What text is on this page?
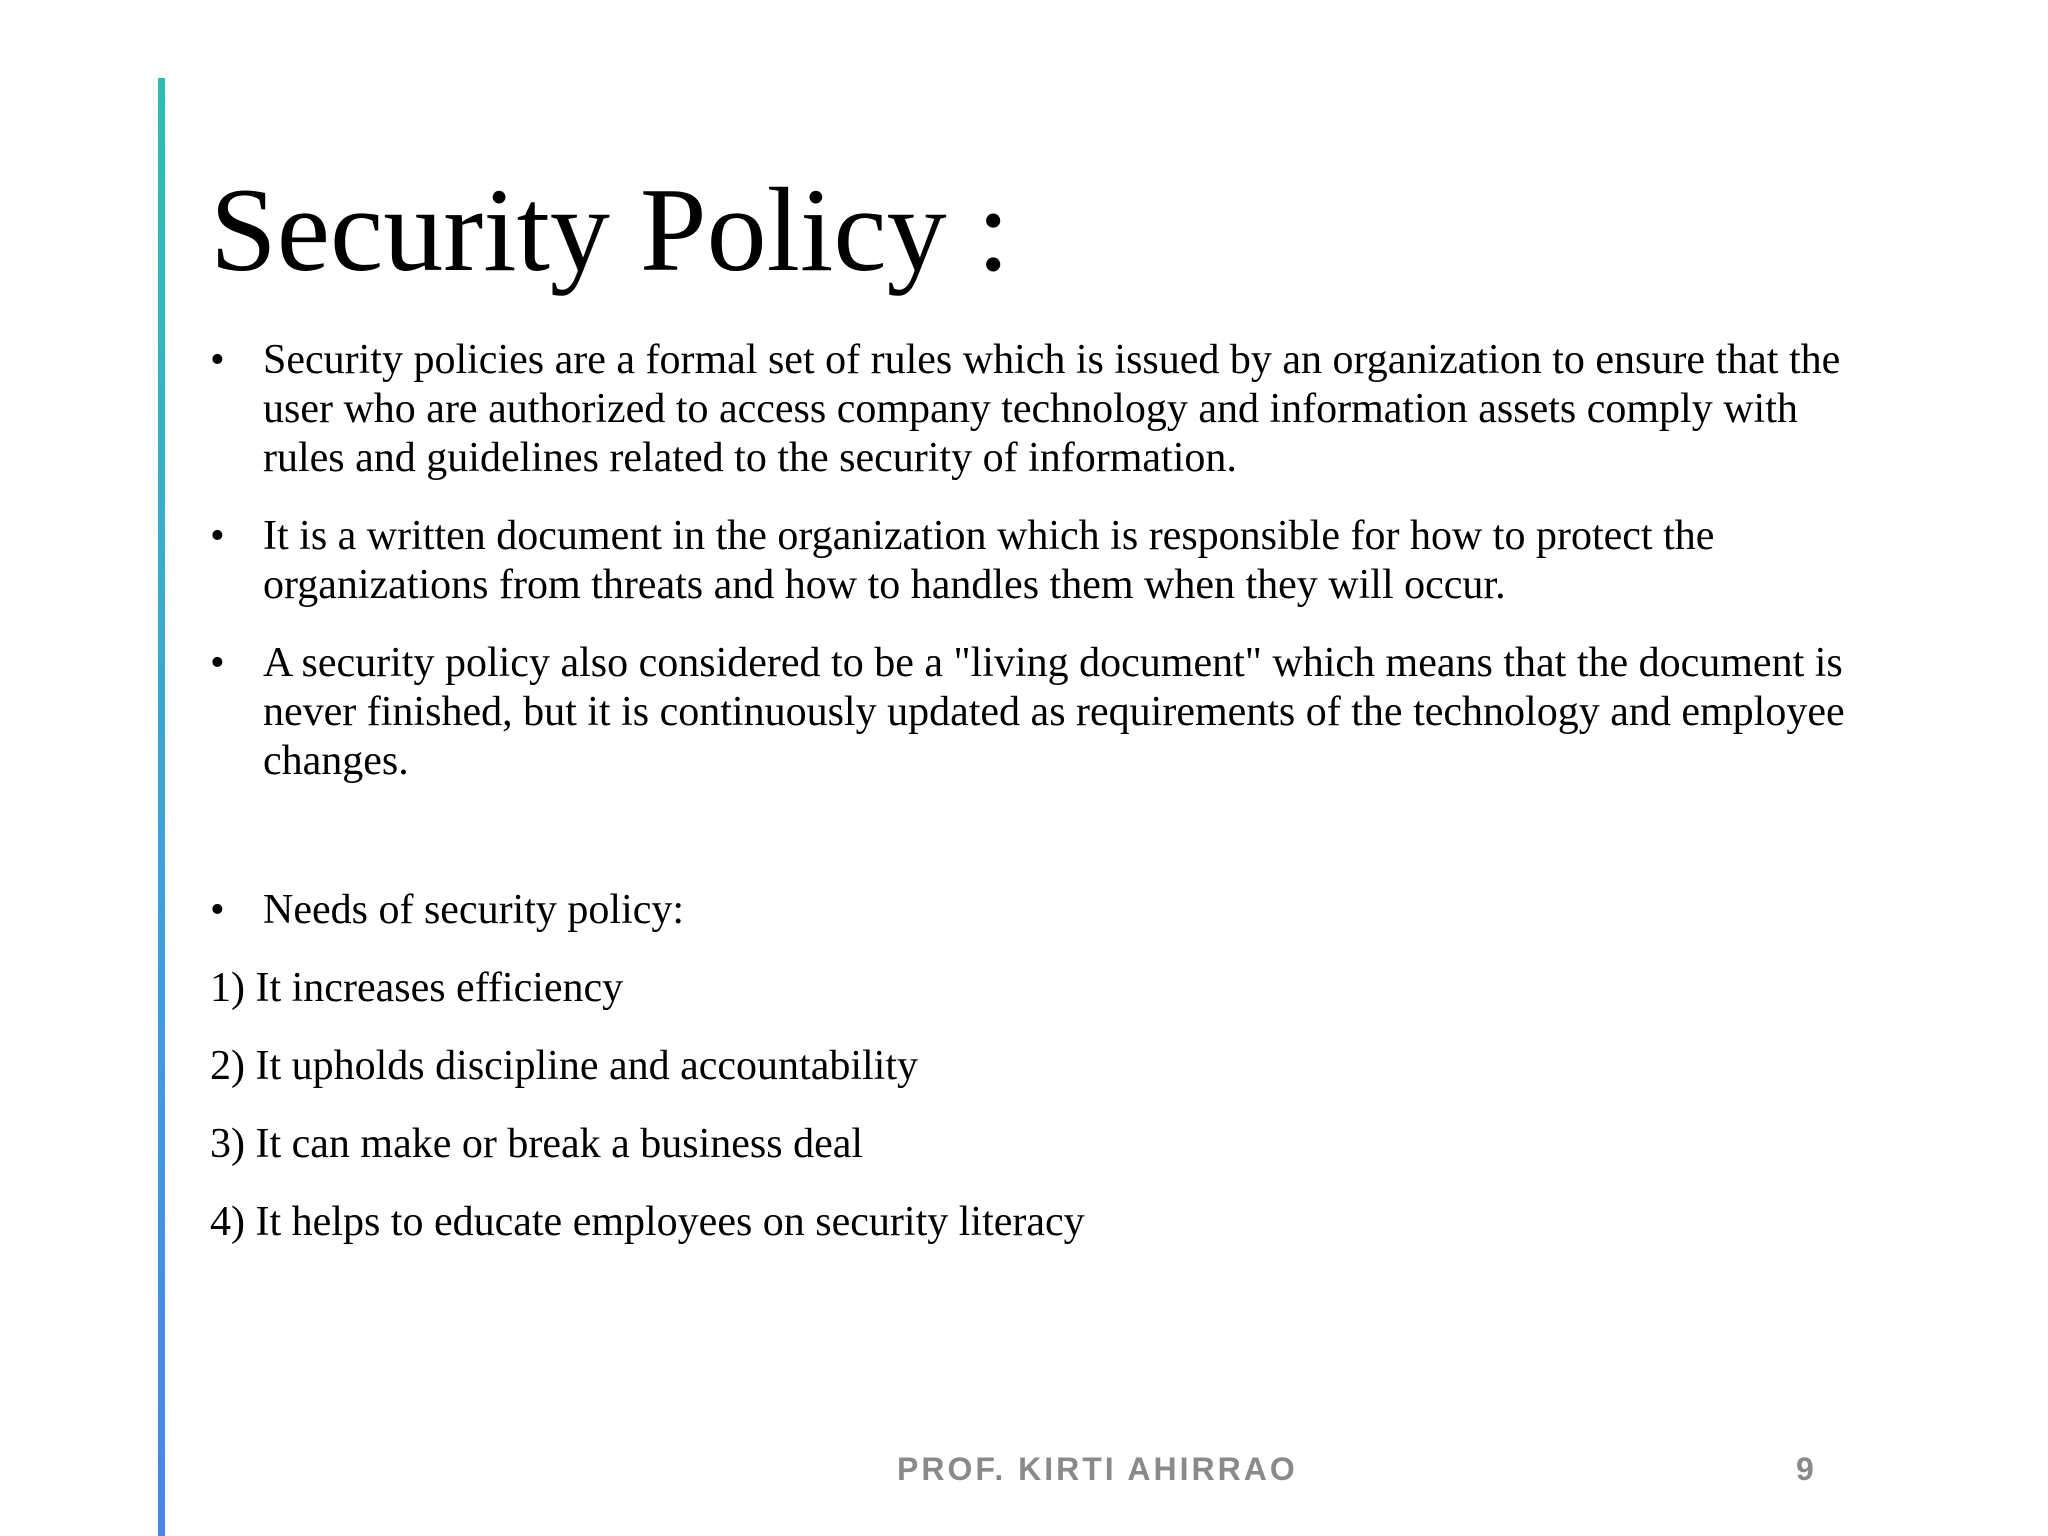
Security Policy :
• Security policies are a formal set of rules which is issued by an organization to ensure that the user who are authorized to access company technology and information assets comply with rules and guidelines related to the security of information.
• It is a written document in the organization which is responsible for how to protect the organizations from threats and how to handles them when they will occur.
• A security policy also considered to be a "living document" which means that the document is never finished, but it is continuously updated as requirements of the technology and employee changes.
• Needs of security policy:
1) It increases efficiency
2) It upholds discipline and accountability
3) It can make or break a business deal
4) It helps to educate employees on security literacy
PROF. KIRTI AHIRRAO	9
